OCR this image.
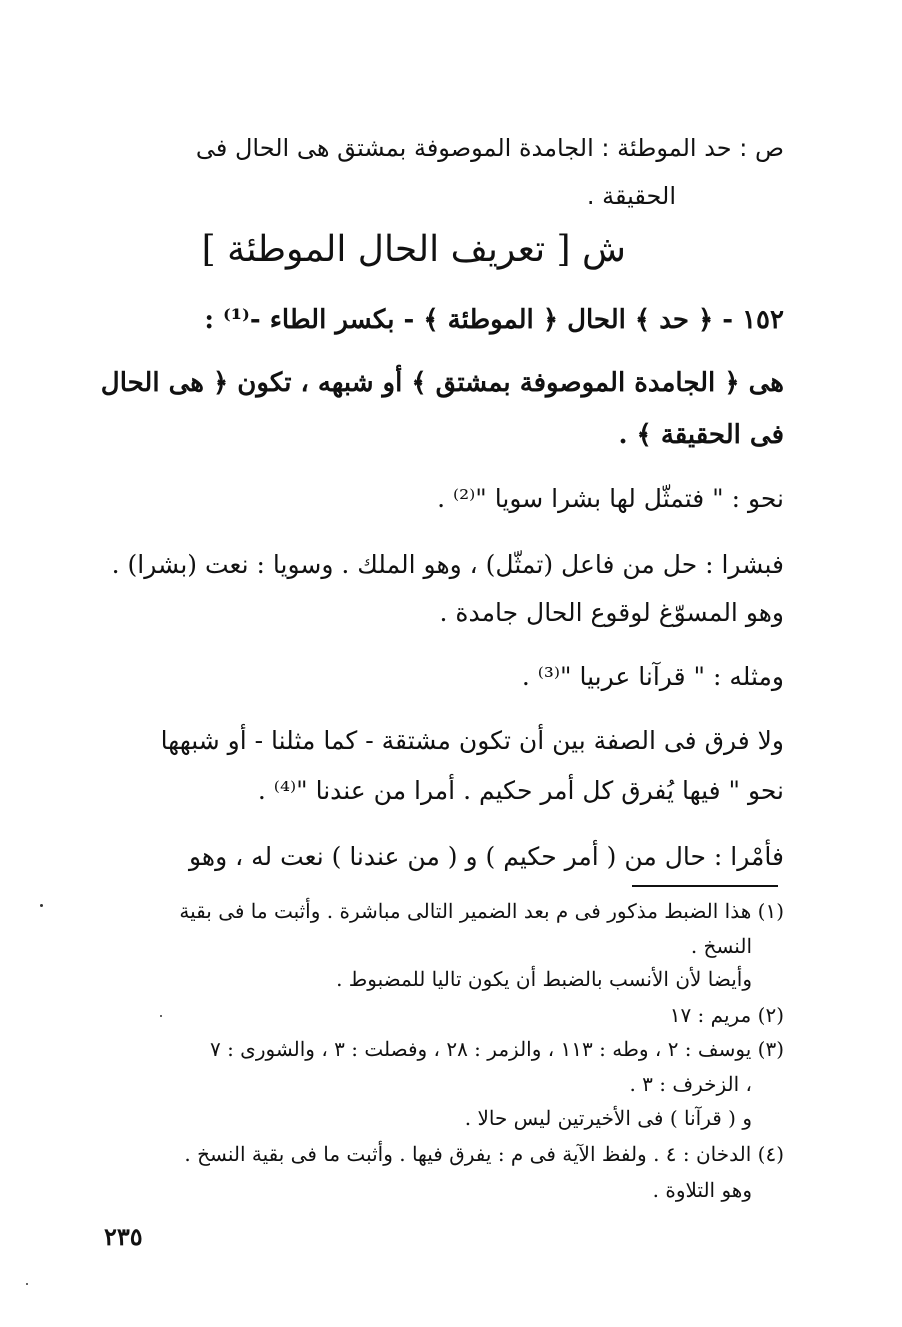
ص : حد الموطئة : الجامدة الموصوفة بمشتق هى الحال فى
الحقيقة .
ش [ تعريف الحال الموطئة ]
١٥٢ - ﴿ حد ﴾ الحال ﴿ الموطئة ﴾ - بكسر الطاء -⁽¹⁾ :
هى ﴿ الجامدة الموصوفة بمشتق ﴾ أو شبهه ، تكون ﴿ هى الحال
فى الحقيقة ﴾ .
نحو : " فتمثّل لها بشرا سويا "⁽²⁾ .
فبشرا : حل من فاعل (تمثّل) ، وهو الملك . وسويا : نعت (بشرا) .
وهو المسوّغ لوقوع الحال جامدة .
ومثله : " قرآنا عربيا "⁽³⁾ .
ولا فرق فى الصفة بين أن تكون مشتقة - كما مثلنا - أو شبهها
نحو " فيها يُفرق كل أمر حكيم . أمرا من عندنا "⁽⁴⁾ .
فأمْرا : حال من ( أمر حكيم ) و ( من عندنا ) نعت له ، وهو
(١) هذا الضبط مذكور فى م بعد الضمير التالى مباشرة . وأثبت ما فى بقية
النسخ .
وأيضا لأن الأنسب بالضبط أن يكون تاليا للمضبوط .
(٢) مريم : ١٧
(٣) يوسف : ٢ ، وطه : ١١٣ ، والزمر : ٢٨ ، وفصلت : ٣ ، والشورى : ٧
، الزخرف : ٣ .
و ( قرآنا ) فى الأخيرتين ليس حالا .
(٤) الدخان : ٤ . ولفظ الآية فى م : يفرق فيها . وأثبت ما فى بقية النسخ .
وهو التلاوة .
٢٣٥
